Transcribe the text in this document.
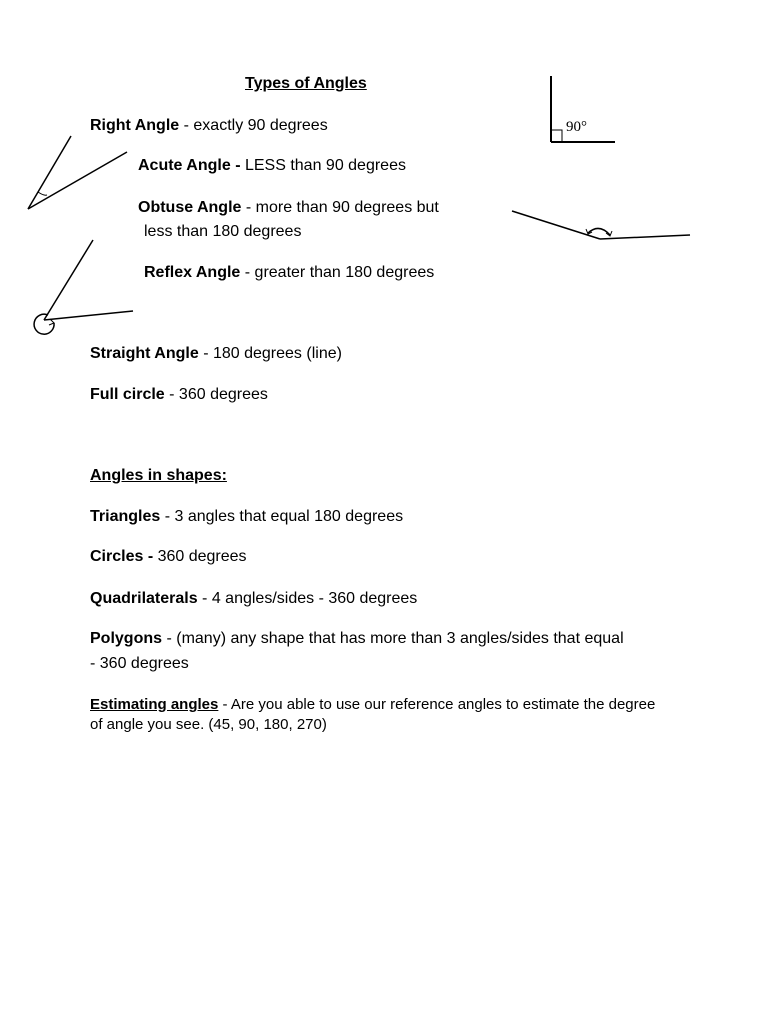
Types of Angles
90°
Right Angle - exactly 90 degrees
Acute Angle - LESS than 90 degrees
Obtuse Angle - more than 90 degrees but
less than 180 degrees
Reflex Angle - greater than 180 degrees
Straight Angle - 180 degrees (line)
Full circle - 360 degrees
Angles in shapes:
Triangles - 3 angles that equal 180 degrees
Circles - 360 degrees
Quadrilaterals - 4 angles/sides - 360 degrees
Polygons - (many) any shape that has more than 3 angles/sides that equal
- 360 degrees
Estimating angles - Are you able to use our reference angles to estimate the degree of angle you see. (45, 90, 180, 270)
